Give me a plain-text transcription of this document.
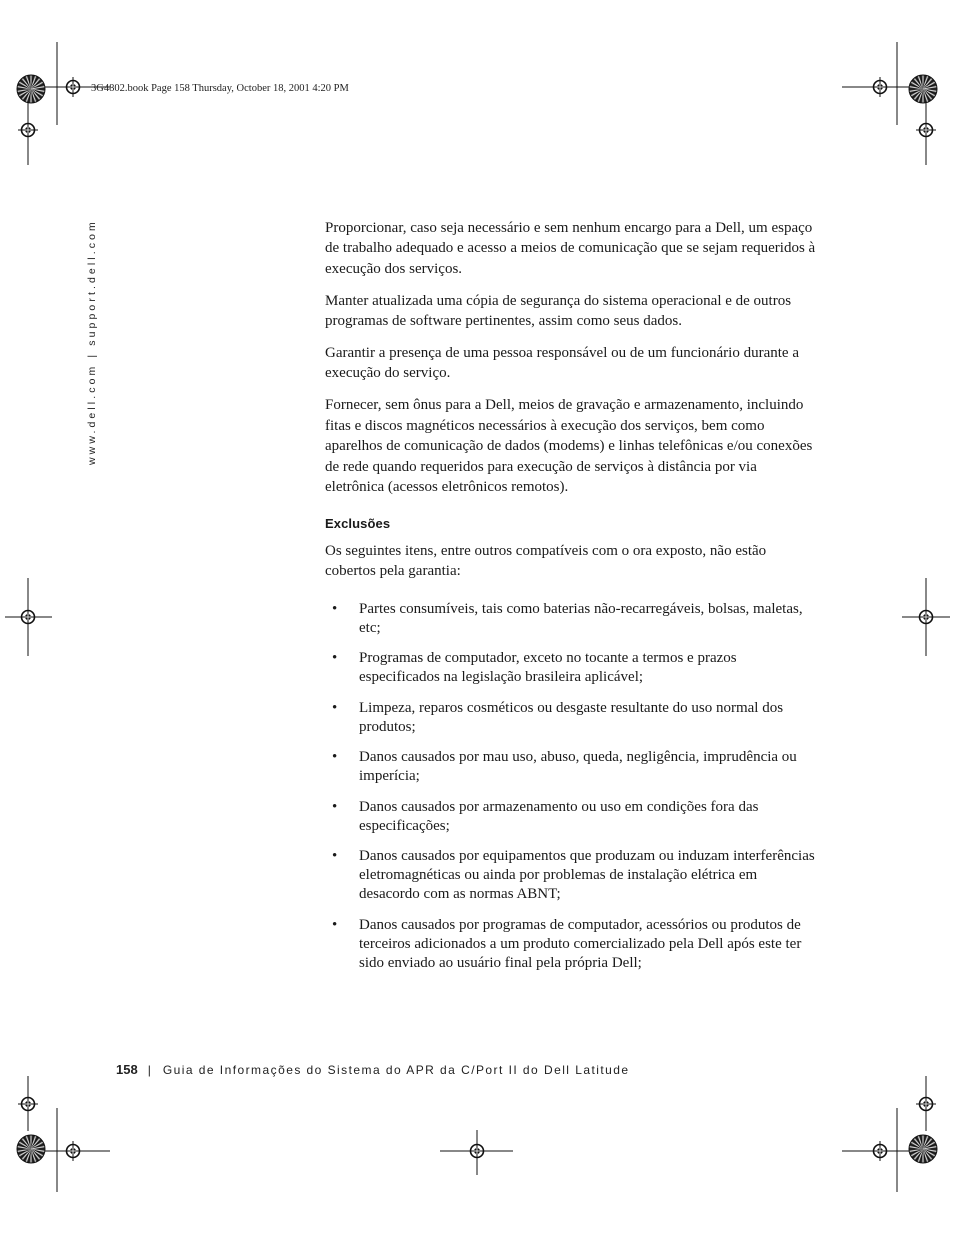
3G4802.book Page 158 Thursday, October 18, 2001 4:20 PM
www.dell.com | support.dell.com	Proporcionar, caso seja necessário e sem nenhum encargo para a Dell, um espaço de trabalho adequado e acesso a meios de comunicação que se sejam requeridos à execução dos serviços.

Manter atualizada uma cópia de segurança do sistema operacional e de outros programas de software pertinentes, assim como seus dados.

Garantir a presença de uma pessoa responsável ou de um funcionário durante a execução do serviço.

Fornecer, sem ônus para a Dell, meios de gravação e armazenamento, incluindo fitas e discos magnéticos necessários à execução dos serviços, bem como aparelhos de comunicação de dados (modems) e linhas telefônicas e/ou conexões de rede quando requeridos para execução de serviços à distância por via eletrônica (acessos eletrônicos remotos).

Exclusões

Os seguintes itens, entre outros compatíveis com o ora exposto, não estão cobertos pela garantia:

• Partes consumíveis, tais como baterias não-recarregáveis, bolsas, maletas, etc;
• Programas de computador, exceto no tocante a termos e prazos especificados na legislação brasileira aplicável;
• Limpeza, reparos cosméticos ou desgaste resultante do uso normal dos produtos;
• Danos causados por mau uso, abuso, queda, negligência, imprudência ou imperícia;
• Danos causados por armazenamento ou uso em condições fora das especificações;
• Danos causados por equipamentos que produzam ou induzam interferências eletromagnéticas ou ainda por problemas de instalação elétrica em desacordo com as normas ABNT;
• Danos causados por programas de computador, acessórios ou produtos de terceiros adicionados a um produto comercializado pela Dell após este ter sido enviado ao usuário final pela própria Dell;
158 | Guia de Informações do Sistema do APR da C/Port II do Dell Latitude
